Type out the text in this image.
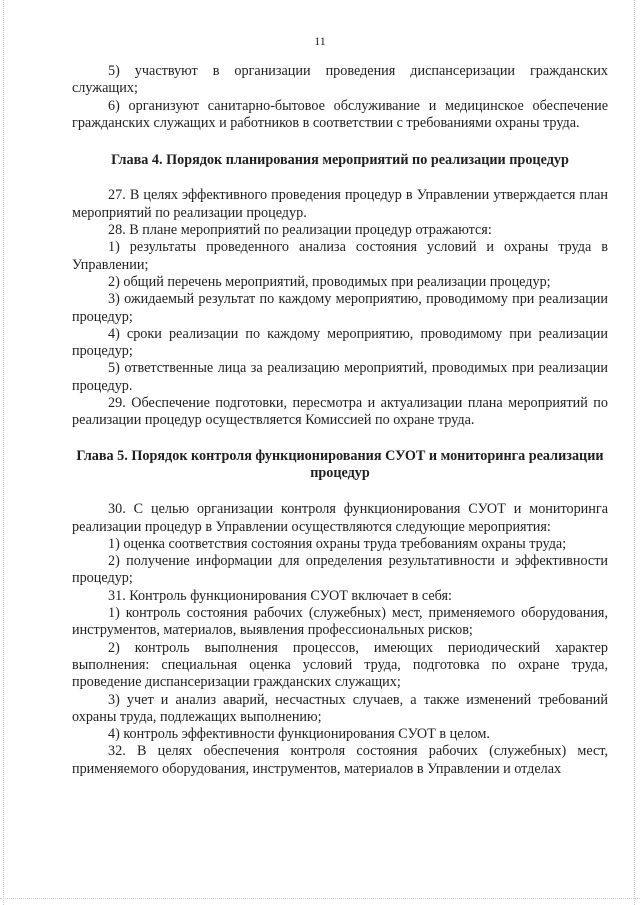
11

5) участвуют в организации проведения диспансеризации гражданских служащих;

6) организуют санитарно-бытовое обслуживание и медицинское обеспечение гражданских служащих и работников в соответствии с требованиями охраны труда.

Глава 4. Порядок планирования мероприятий по реализации процедур

27. В целях эффективного проведения процедур в Управлении утверждается план мероприятий по реализации процедур.

28. В плане мероприятий по реализации процедур отражаются:

1) результаты проведенного анализа состояния условий и охраны труда в Управлении;

2) общий перечень мероприятий, проводимых при реализации процедур;

3) ожидаемый результат по каждому мероприятию, проводимому при реализации процедур;

4) сроки реализации по каждому мероприятию, проводимому при реализации процедур;

5) ответственные лица за реализацию мероприятий, проводимых при реализации процедур.

29. Обеспечение подготовки, пересмотра и актуализации плана мероприятий по реализации процедур осуществляется Комиссией по охране труда.

Глава 5. Порядок контроля функционирования СУОТ и мониторинга реализации процедур

30. С целью организации контроля функционирования СУОТ и мониторинга реализации процедур в Управлении осуществляются следующие мероприятия:

1) оценка соответствия состояния охраны труда требованиям охраны труда;

2) получение информации для определения результативности и эффективности процедур;

31. Контроль функционирования СУОТ включает в себя:

1) контроль состояния рабочих (служебных) мест, применяемого оборудования, инструментов, материалов, выявления профессиональных рисков;

2) контроль выполнения процессов, имеющих периодический характер выполнения: специальная оценка условий труда, подготовка по охране труда, проведение диспансеризации гражданских служащих;

3) учет и анализ аварий, несчастных случаев, а также изменений требований охраны труда, подлежащих выполнению;

4) контроль эффективности функционирования СУОТ в целом.

32. В целях обеспечения контроля состояния рабочих (служебных) мест, применяемого оборудования, инструментов, материалов в Управлении и отделах
